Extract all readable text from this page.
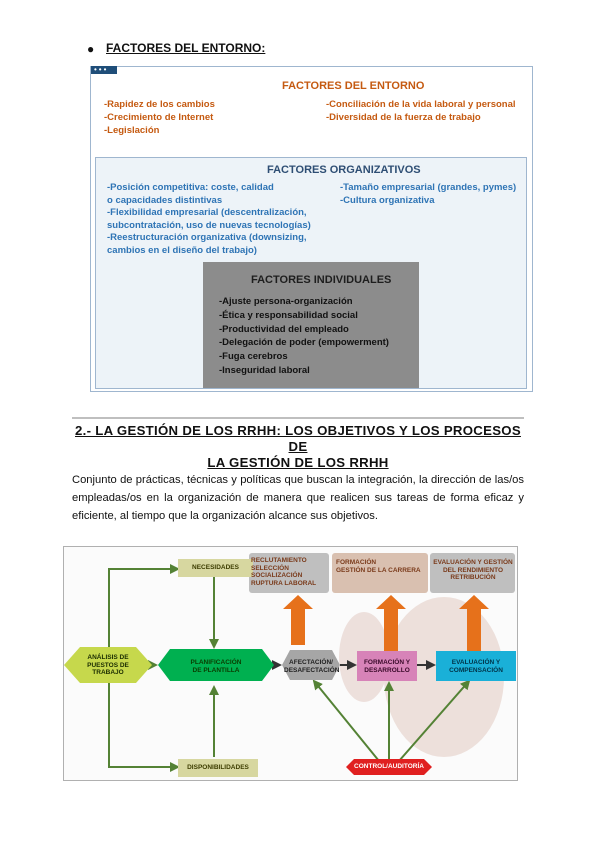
● FACTORES DEL ENTORNO:
•••
FACTORES DEL ENTORNO
-Rapidez de los cambios
-Crecimiento de Internet
-Legislación
-Conciliación de la vida laboral y personal
-Diversidad de la fuerza de trabajo
FACTORES ORGANIZATIVOS
-Posición competitiva: coste, calidad
o capacidades distintivas
-Flexibilidad empresarial (descentralización,
subcontratación, uso de nuevas tecnologías)
-Reestructuración organizativa (downsizing,
cambios en el diseño del trabajo)
-Tamaño empresarial (grandes, pymes)
-Cultura organizativa
FACTORES INDIVIDUALES
-Ajuste persona-organización
-Ética y responsabilidad social
-Productividad del empleado
-Delegación de poder (empowerment)
-Fuga cerebros
-Inseguridad laboral
2.- LA GESTIÓN DE LOS RRHH: LOS OBJETIVOS Y LOS PROCESOS DE
LA GESTIÓN DE LOS RRHH
Conjunto de prácticas, técnicas y políticas que buscan la integración, la dirección de las/os empleadas/os en la organización de manera que realicen sus tareas de forma eficaz y eficiente, al tiempo que la organización alcance sus objetivos.
NECESIDADES
DISPONIBILIDADES
ANÁLISIS DE
PUESTOS DE
TRABAJO
PLANIFICACIÓN
DE PLANTILLA
AFECTACIÓN/
DESAFECTACIÓN
FORMACIÓN Y
DESARROLLO
EVALUACIÓN Y
COMPENSACIÓN
CONTROL/AUDITORÍA
RECLUTAMIENTO
SELECCIÓN
SOCIALIZACIÓN
RUPTURA LABORAL
FORMACIÓN
GESTIÓN DE LA CARRERA
EVALUACIÓN Y GESTIÓN
DEL RENDIMIENTO
RETRIBUCIÓN
